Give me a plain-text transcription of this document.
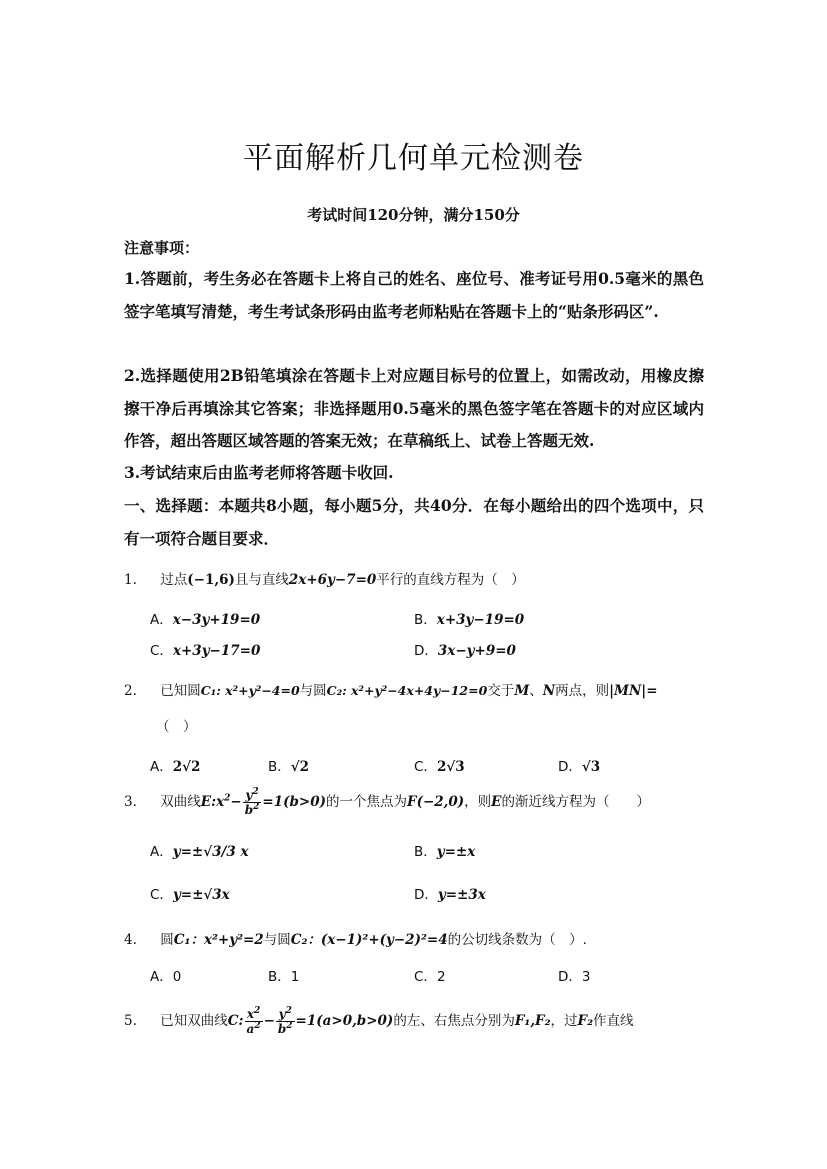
平面解析几何单元检测卷
考试时间120分钟，满分150分
注意事项：
1.答题前，考生务必在答题卡上将自己的姓名、座位号、准考证号用0.5毫米的黑色签字笔填写清楚，考生考试条形码由监考老师粘贴在答题卡上的“贴条形码区”.
2.选择题使用2B铅笔填涂在答题卡上对应题目标号的位置上，如需改动，用橡皮擦擦干净后再填涂其它答案；非选择题用0.5毫米的黑色签字笔在答题卡的对应区域内作答，超出答题区域答题的答案无效；在草稿纸上、试卷上答题无效.
3.考试结束后由监考老师将答题卡收回.
一、选择题：本题共8小题，每小题5分，共40分．在每小题给出的四个选项中，只有一项符合题目要求．
1. 过点(−1,6)且与直线2x+6y−7=0平行的直线方程为（　）
A．x−3y+19=0	B．x+3y−19=0
C．x+3y−17=0	D．3x−y+9=0
2. 已知圆C₁: x²+y²−4=0与圆C₂: x²+y²−4x+4y−12=0交于M、N两点，则|MN|=
（　）
A．2√2	B．√2	C．2√3	D．√3
3. 双曲线$E:x^2- \frac{y^2}{b^2} =1(b>0)$的一个焦点为F(−2,0)，则E的渐近线方程为（　　）
A．y=±√3/3 x	B．y=±x
C．y=±√3x	D．y=±3x
4. 圆C₁：x²+y²=2与圆C₂：(x−1)²+(y−2)²=4的公切线条数为（　）.
A．0	B．1	C．2	D．3
5. 已知双曲线C: $\frac{x^2}{a^2} - \frac{y^2}{b^2} =1(a>0,b>0)$的左、右焦点分别为F₁,F₂，过F₂作直线
